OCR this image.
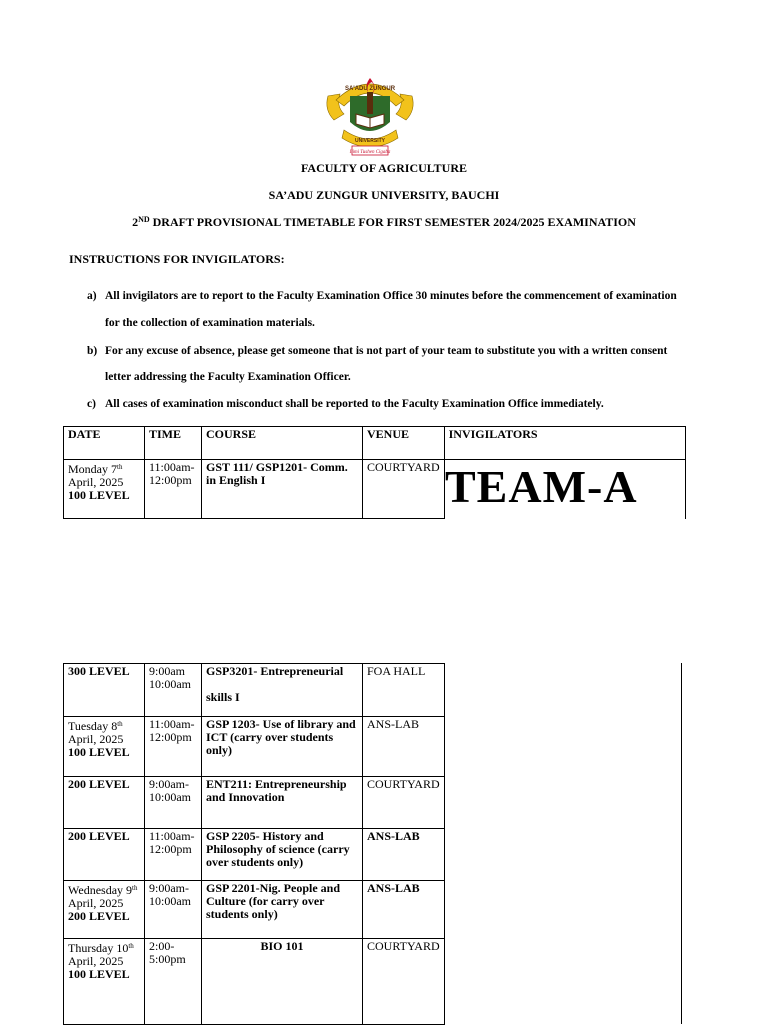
Ilimi Tushen Cigaba
SA'ADU ZUNGUR
UNIVERSITY
FACULTY OF AGRICULTURE
SA’ADU ZUNGUR UNIVERSITY, BAUCHI
2ND DRAFT PROVISIONAL TIMETABLE FOR FIRST SEMESTER 2024/2025 EXAMINATION
INSTRUCTIONS FOR INVIGILATORS:
a) All invigilators are to report to the Faculty Examination Office 30 minutes before the commencement of examination
for the collection of examination materials.
b) For any excuse of absence, please get someone that is not part of your team to substitute you with a written consent
letter addressing the Faculty Examination Officer.
c) All cases of examination misconduct shall be reported to the Faculty Examination Office immediately.
DATE	TIME	COURSE	VENUE	INVIGILATORS
Monday 7th
April, 2025
100 LEVEL	11:00am-
12:00pm	GST 111/ GSP1201- Comm. in English I	COURTYARD	TEAM-A
300 LEVEL	9:00am
10:00am	GSP3201- Entrepreneurial

skills I	FOA HALL
Tuesday 8th
April, 2025
100 LEVEL	11:00am-
12:00pm	GSP 1203- Use of library and ICT (carry over students only)	ANS-LAB
200 LEVEL	9:00am-
10:00am	ENT211: Entrepreneurship and Innovation	COURTYARD
200 LEVEL	11:00am-
12:00pm	GSP 2205- History and Philosophy of science (carry over students only)	ANS-LAB
Wednesday 9th
April, 2025
200 LEVEL	9:00am-
10:00am	GSP 2201-Nig. People and Culture (for carry over students only)	ANS-LAB
Thursday 10th
April, 2025
100 LEVEL	2:00-
5:00pm	BIO 101	COURTYARD
